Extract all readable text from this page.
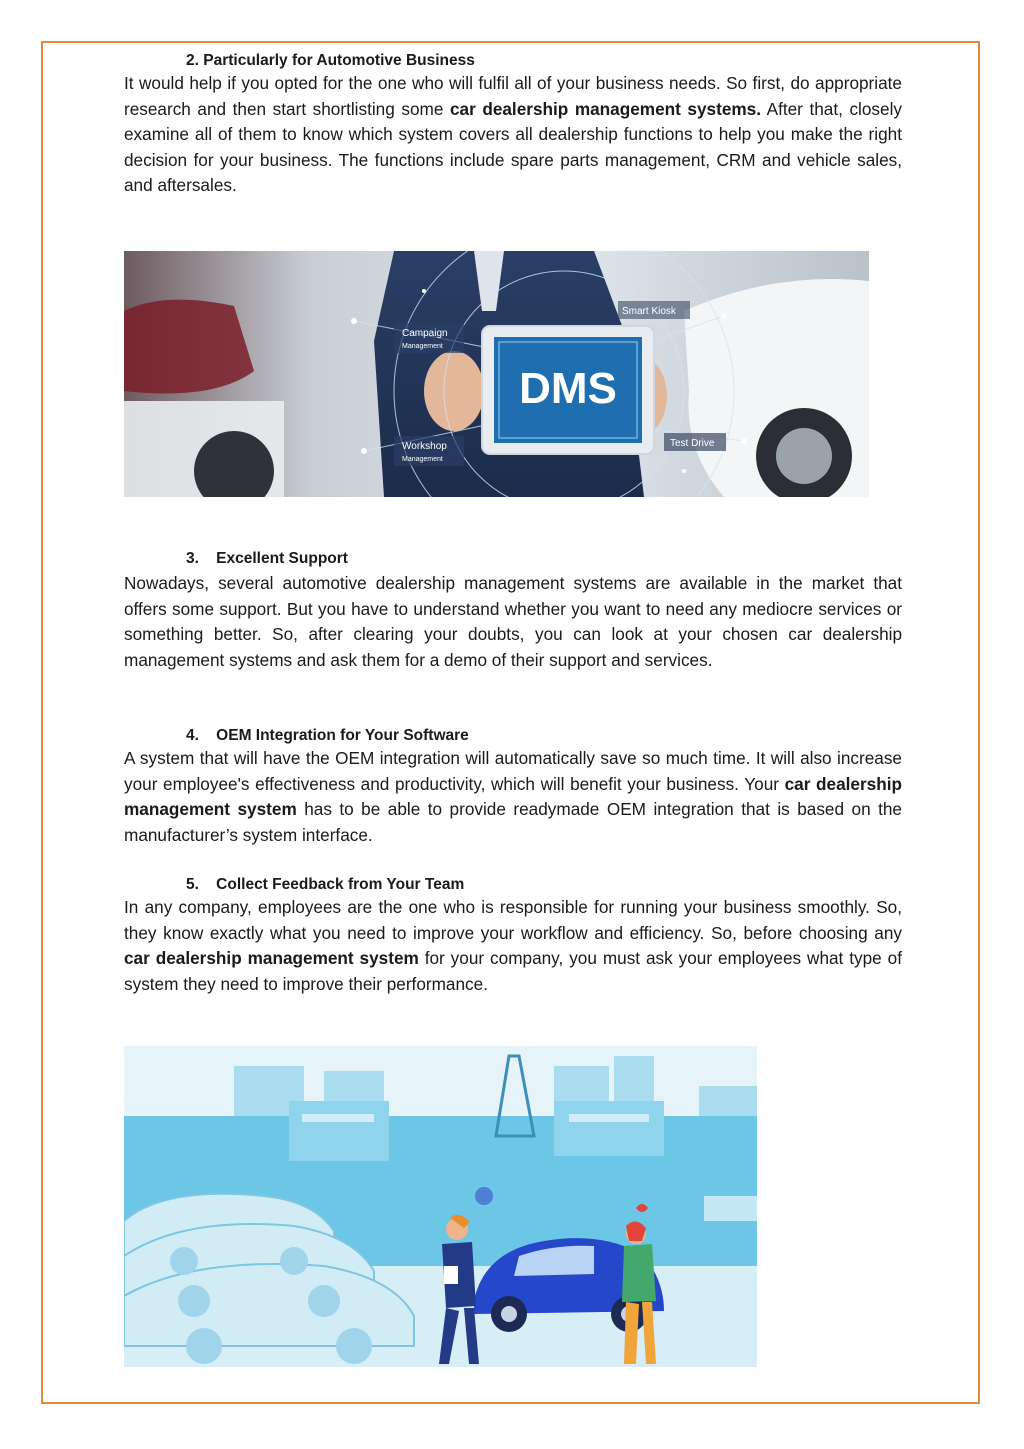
2. Particularly for Automotive Business

It would help if you opted for the one who will fulfil all of your business needs. So first, do appropriate research and then start shortlisting some car dealership management systems. After that, closely examine all of them to know which system covers all dealership functions to help you make the right decision for your business. The functions include spare parts management, CRM and vehicle sales, and aftersales.

DMS
Campaign
Management
Smart Kiosk
Workshop
Management
Test Drive
3. Excellent Support

Nowadays, several automotive dealership management systems are available in the market that offers some support. But you have to understand whether you want to need any mediocre services or something better. So, after clearing your doubts, you can look at your chosen car dealership management systems and ask them for a demo of their support and services.

4. OEM Integration for Your Software

A system that will have the OEM integration will automatically save so much time. It will also increase your employee's effectiveness and productivity, which will benefit your business. Your car dealership management system has to be able to provide readymade OEM integration that is based on the manufacturer’s system interface.

5. Collect Feedback from Your Team

In any company, employees are the one who is responsible for running your business smoothly. So, they know exactly what you need to improve your workflow and efficiency. So, before choosing any car dealership management system for your company, you must ask your employees what type of system they need to improve their performance.
